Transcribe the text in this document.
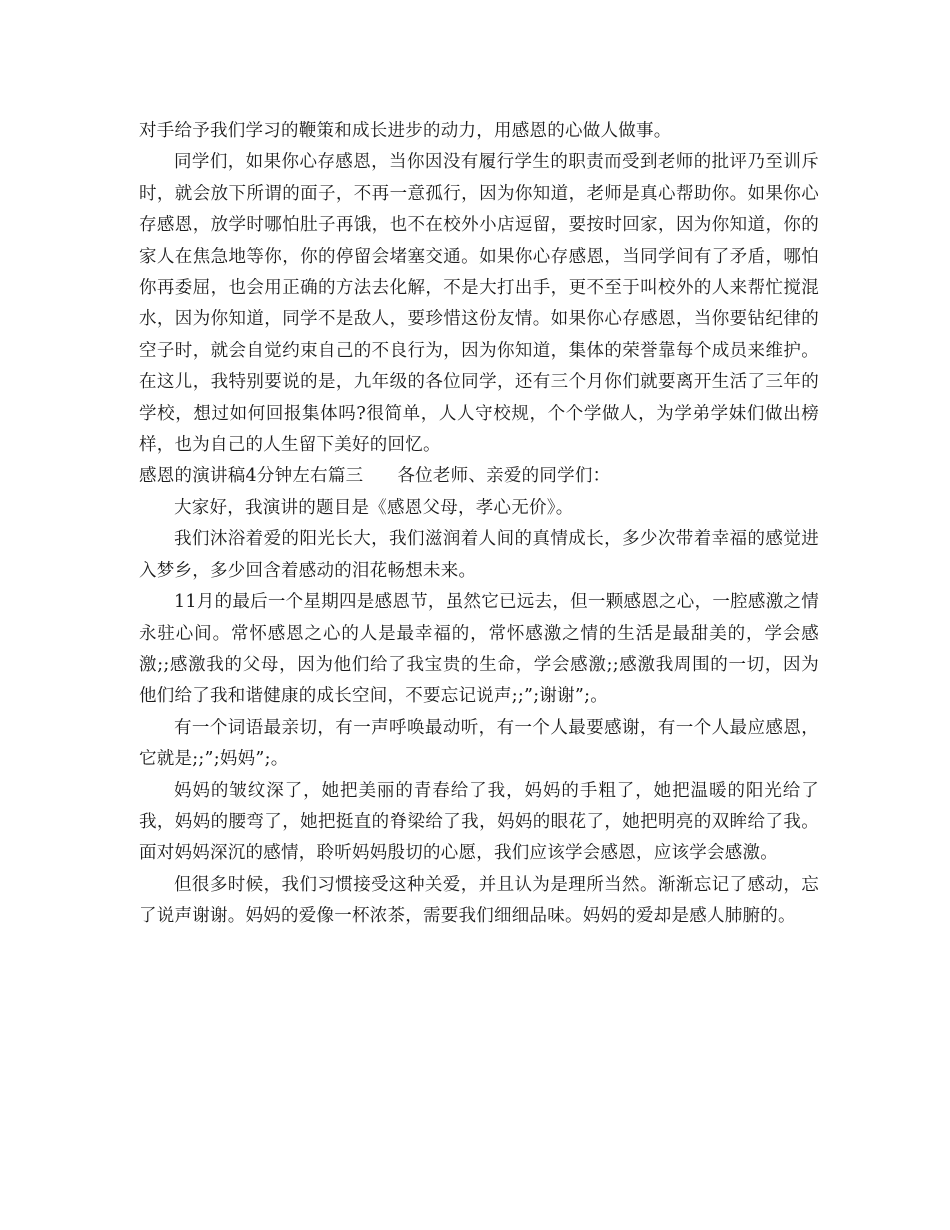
对手给予我们学习的鞭策和成长进步的动力，用感恩的心做人做事。

同学们，如果你心存感恩，当你因没有履行学生的职责而受到老师的批评乃至训斥时，就会放下所谓的面子，不再一意孤行，因为你知道，老师是真心帮助你。如果你心存感恩，放学时哪怕肚子再饿，也不在校外小店逗留，要按时回家，因为你知道，你的家人在焦急地等你，你的停留会堵塞交通。如果你心存感恩，当同学间有了矛盾，哪怕你再委屈，也会用正确的方法去化解，不是大打出手，更不至于叫校外的人来帮忙搅混水，因为你知道，同学不是敌人，要珍惜这份友情。如果你心存感恩，当你要钻纪律的空子时，就会自觉约束自己的不良行为，因为你知道，集体的荣誉靠每个成员来维护。在这儿，我特别要说的是，九年级的各位同学，还有三个月你们就要离开生活了三年的学校，想过如何回报集体吗?很简单，人人守校规，个个学做人，为学弟学妹们做出榜样，也为自己的人生留下美好的回忆。

感恩的演讲稿4分钟左右篇三 各位老师、亲爱的同学们：

大家好，我演讲的题目是《感恩父母，孝心无价》。

我们沐浴着爱的阳光长大，我们滋润着人间的真情成长，多少次带着幸福的感觉进入梦乡，多少回含着感动的泪花畅想未来。

11月的最后一个星期四是感恩节，虽然它已远去，但一颗感恩之心，一腔感激之情永驻心间。常怀感恩之心的人是最幸福的，常怀感激之情的生活是最甜美的，学会感激;;感激我的父母，因为他们给了我宝贵的生命，学会感激;;感激我周围的一切，因为他们给了我和谐健康的成长空间，不要忘记说声;;”;谢谢”;。

有一个词语最亲切，有一声呼唤最动听，有一个人最要感谢，有一个人最应感恩，它就是;;”;妈妈”;。

妈妈的皱纹深了，她把美丽的青春给了我，妈妈的手粗了，她把温暖的阳光给了我，妈妈的腰弯了，她把挺直的脊梁给了我，妈妈的眼花了，她把明亮的双眸给了我。面对妈妈深沉的感情，聆听妈妈殷切的心愿，我们应该学会感恩，应该学会感激。

但很多时候，我们习惯接受这种关爱，并且认为是理所当然。渐渐忘记了感动，忘了说声谢谢。妈妈的爱像一杯浓茶，需要我们细细品味。妈妈的爱却是感人肺腑的。
